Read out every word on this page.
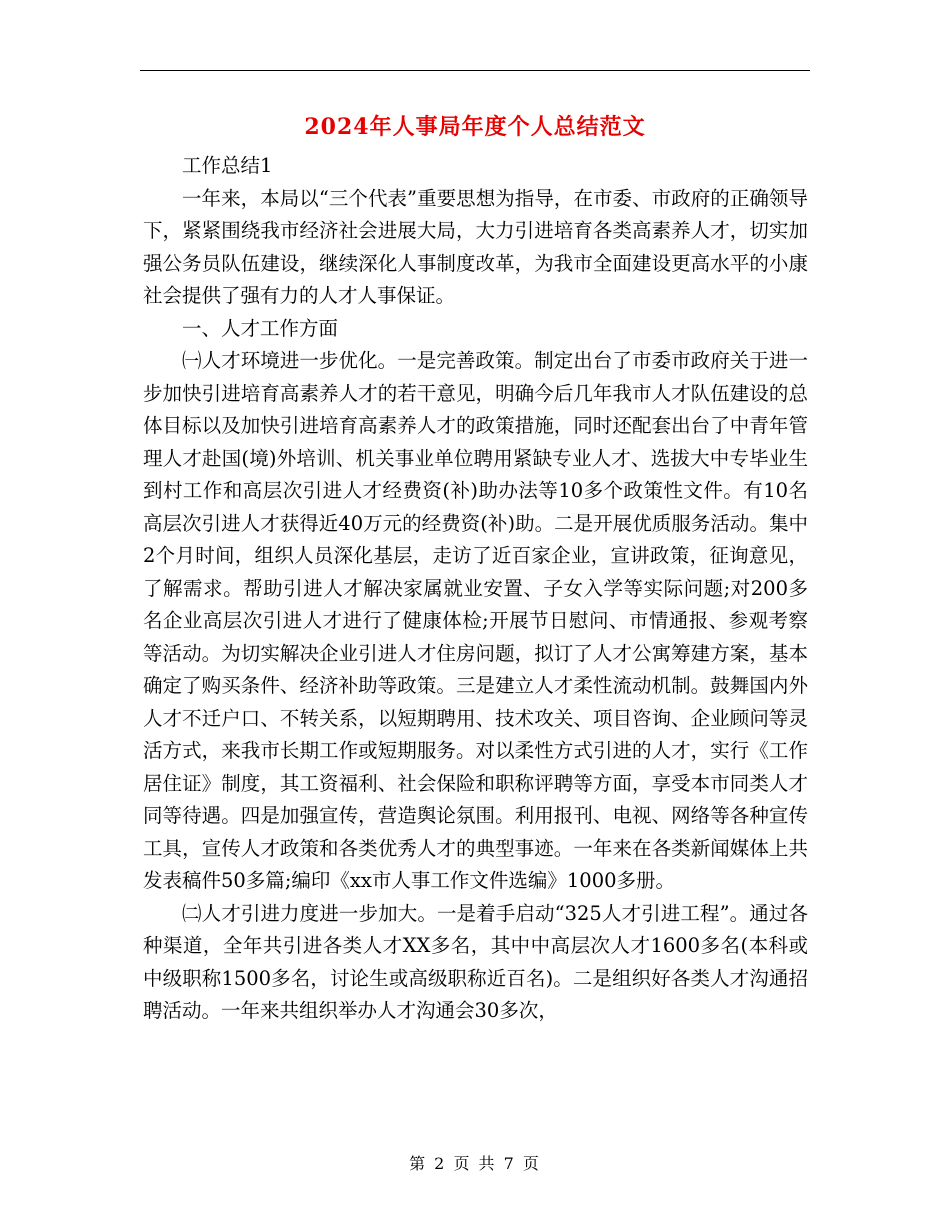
2024年人事局年度个人总结范文

工作总结1

一年来，本局以“三个代表”重要思想为指导，在市委、市政府的正确领导下，紧紧围绕我市经济社会进展大局，大力引进培育各类高素养人才，切实加强公务员队伍建设，继续深化人事制度改革，为我市全面建设更高水平的小康社会提供了强有力的人才人事保证。

一、人才工作方面

㈠人才环境进一步优化。一是完善政策。制定出台了市委市政府关于进一步加快引进培育高素养人才的若干意见，明确今后几年我市人才队伍建设的总体目标以及加快引进培育高素养人才的政策措施，同时还配套出台了中青年管理人才赴国(境)外培训、机关事业单位聘用紧缺专业人才、选拔大中专毕业生到村工作和高层次引进人才经费资(补)助办法等10多个政策性文件。有10名高层次引进人才获得近40万元的经费资(补)助。二是开展优质服务活动。集中2个月时间，组织人员深化基层，走访了近百家企业，宣讲政策，征询意见，了解需求。帮助引进人才解决家属就业安置、子女入学等实际问题;对200多名企业高层次引进人才进行了健康体检;开展节日慰问、市情通报、参观考察等活动。为切实解决企业引进人才住房问题，拟订了人才公寓筹建方案，基本确定了购买条件、经济补助等政策。三是建立人才柔性流动机制。鼓舞国内外人才不迁户口、不转关系，以短期聘用、技术攻关、项目咨询、企业顾问等灵活方式，来我市长期工作或短期服务。对以柔性方式引进的人才，实行《工作居住证》制度，其工资福利、社会保险和职称评聘等方面，享受本市同类人才同等待遇。四是加强宣传，营造舆论氛围。利用报刊、电视、网络等各种宣传工具，宣传人才政策和各类优秀人才的典型事迹。一年来在各类新闻媒体上共发表稿件50多篇;编印《xx市人事工作文件选编》1000多册。

㈡人才引进力度进一步加大。一是着手启动“325人才引进工程”。通过各种渠道，全年共引进各类人才XX多名，其中中高层次人才1600多名(本科或中级职称1500多名，讨论生或高级职称近百名)。二是组织好各类人才沟通招聘活动。一年来共组织举办人才沟通会30多次，

第 2 页 共 7 页
